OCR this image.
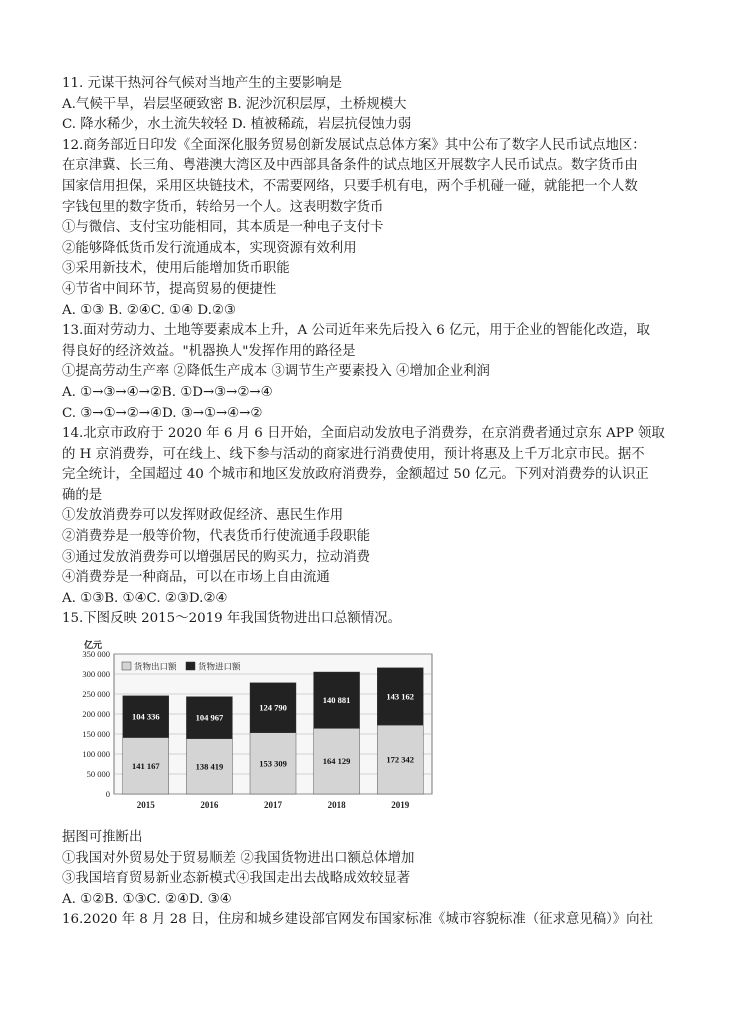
11. 元谋干热河谷气候对当地产生的主要影响是
A.气候干旱，岩层坚硬致密 B. 泥沙沉积层厚，土桥规模大
C. 降水稀少，水土流失较轻 D. 植被稀疏，岩层抗侵蚀力弱
12.商务部近日印发《全面深化服务贸易创新发展试点总体方案》其中公布了数字人民币试点地区：
在京津冀、长三角、粤港澳大湾区及中西部具备条件的试点地区开展数字人民币试点。数字货币由
国家信用担保，采用区块链技术，不需要网络，只要手机有电，两个手机碰一碰，就能把一个人数
字钱包里的数字货币，转给另一个人。这表明数字货币
①与微信、支付宝功能相同，其本质是一种电子支付卡
②能够降低货币发行流通成本，实现资源有效利用
③采用新技术，使用后能增加货币职能
④节省中间环节，提高贸易的便捷性
A. ①③ B. ②④C. ①④ D.②③
13.面对劳动力、土地等要素成本上升，A 公司近年来先后投入 6 亿元，用于企业的智能化改造，取
得良好的经济效益。"机器换人"发挥作用的路径是
①提高劳动生产率 ②降低生产成本 ③调节生产要素投入 ④增加企业利润
A. ①→③→④→②B. ①D→③→②→④
C. ③→①→②→④D. ③→①→④→②
14.北京市政府于 2020 年 6 月 6 日开始，全面启动发放电子消费券，在京消费者通过京东 APP 领取
的 H 京消费券，可在线上、线下参与活动的商家进行消费使用，预计将惠及上千万北京市民。据不
完全统计，全国超过 40 个城市和地区发放政府消费券，金额超过 50 亿元。下列对消费券的认识正
确的是
①发放消费券可以发挥财政促经济、惠民生作用
②消费券是一般等价物，代表货币行使流通手段职能
③通过发放消费券可以增强居民的购买力，拉动消费
④消费券是一种商品，可以在市场上自由流通
A. ①③B. ①④C. ②③D.②④
15.下图反映 2015～2019 年我国货物进出口总额情况。
亿元
0
50 000
100 000
150 000
200 000
250 000
300 000
350 000
141 167
104 336
2015
138 419
104 967
2016
153 309
124 790
2017
164 129
140 881
2018
172 342
143 162
2019
货物出口额	货物进口额
据图可推断出
①我国对外贸易处于贸易顺差 ②我国货物进出口额总体增加
③我国培育贸易新业态新模式④我国走出去战略成效较显著
A. ①②B. ①③C. ②④D. ③④
16.2020 年 8 月 28 日，住房和城乡建设部官网发布国家标准《城市容貌标准（征求意见稿）》向社
